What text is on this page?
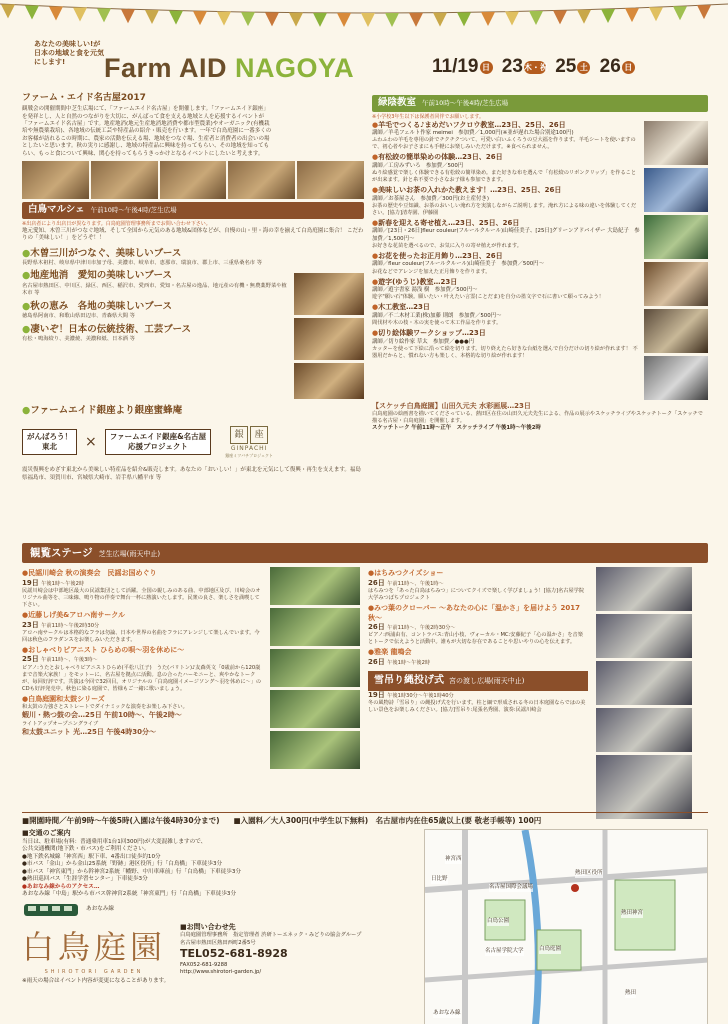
あなたの美味しい!が日本の地域と食を元気にします!	Farm AID NAGOYA	11/19 日 23木・祝 25 土 26 日
ファーム・エイド名古屋2017
観戦会の開催期間中芝生広場にて、「ファームエイド名古屋」を開催します。「ファームエイド銀座」を発祥とし、人と自然のつながりを大切に、がんばって食を支える地域と人を応援するイベントが「ファームエイド名古屋」です。地産地消(地元生産地消地消費や都市型農業)やオーガニック(有機栽培や無農薬栽培)、各地域の伝統工芸や特産品の紹介・販売を行います。一年で白鳥庭園に一番多くのお客様が訪れるこの時期に、農家の活動を伝える場、地域をつなぐ場、生産者と消費者の出会いの場としたいと思います。秋の実りに感謝し、地域の特産品に興味を持ってもらい、その地域を知ってもらい、もっと食について興味、関心を持ってもらうきっかけとなるイベントにしたいと考えます。
白鳥マルシェ 午前10時〜午後4時/芝生広場
※出店者により出店日が異なります。白鳥庭園管理事務所までお問い合わせ下さい。
地元愛知、木曽三川がつなぐ地域、そして全国から元気のある地域&団体などが、自慢の山・里・海の幸を揃えて白鳥庭園に集合！ こだわりの「美味しい！」をどうぞ！！
●木曽三川がつなぐ、美味しいブース
長野県木祖村、岐阜県中津川市加子母、美濃市、岐阜市、恵那市、瑞浪市、郡上市、三重県桑名市 等
●地産地消　愛知の美味しいブース
名古屋市熱田区、中川区、緑区、西区、稲沢市、愛西市、愛知・名古屋の逸品、地元産の有機・無農薬野菜や植木市 等
●秋の恵み　各地の美味しいブース
徳島県阿南市、和歌山県田辺市、青森県大間 等
●凄いぞ！日本の伝統技術、工芸ブース
有松・鳴海絞り、美濃焼、美濃和紙、日本酒 等
●ファームエイド銀座より銀座蜜蜂庵
がんばろう！
東北	× ファームエイド銀座&名古屋
応援プロジェクト
銀	座
GINPACHI
銀座ミツバチプロジェクト
震災復興をめざす東北から美味しい特産品を紹介&販売します。あなたの「おいしい！」が東北を元気にして復興・再生を支えます。福島県福島市、須賀川市、宮城県大崎市、岩手県八幡平市 等
緑陰教室 午前10時〜午後4時/芝生広場
※小学校3年生以下は保護者同伴でお願いします。
●羊毛でつくる♪まめだいフクロウ教室…23日、25日、26日
講師／羊毛フェルト作家 meimei　参加費／1,000円(※並が遅れた場合別途100円)
ふわふわの羊毛を専用の針でチクチクついて、可愛い白いふくろうの豆大福を作ります。羊毛シートを使いますので、初心者やお子さまにも手軽にお楽しみいただけます。※食べられません。
●有松絞の簡単染めの体験…23日、26日
講師／工房みずいろ　参加費／500円
ぬり絵感覚で楽しく体験できる有松絞の簡単染め。また好きな布を選んで「有松絞のリボンクリップ」を作ることが出来ます。針と糸不要で小さなお子様も参加できます。
●美味しいお茶の入れかた教えます！…23日、25日、26日
講師／お茶屋さん　参加費／300円(お土産付き)
お茶の歴史や豆知識、お茶のおいしい淹れ方を実演しながらご説明します。淹れ方による味の違いを体験してください。[協力]清寿園、伊藤園
●新春を迎える寄せ植え…23日、25日、26日
講師／[23日・26日]fleur couleur(フルールクルール)山崎佳美子、[25日]グリーンアドバイザー 大島紀子　参加費／1,500円〜
お好きな花苗を選べるので、お気に入りの寄せ植えが作れます。
●お花を使ったお正月飾り…23日、26日
講師／fleur couleur(フルールクルール)山崎佳美子　参加費／500円〜
お花などでアレンジを加えた正月飾りを作ります。
●遊字(ゆうじ)教室…23日
講師／遊字書家 湯浅 樹　参加費／500円〜
遊字"願い石"体験。願いたい・叶えたい言霊(ことだま)を自分の墨文字で石に書いて願ってみよう！
●木工教室…23日
講師／不二木材工業(株)加藤 則朗　参加費／500円〜
間伐材や木の枝・木の実を使って木工作品を作ります。
●切り絵体験ワークショップ…23日
講師／切り絵作家 草太　参加費／●●●円
カッターを使って下絵に沿って絵を切ります。切り終えたら好きな台紙を選んで自分だけの切り絵が作れます！ 不器用だからと、慣れない方も楽しく、本格的な切り絵が作れます！
【スケッチ白鳥庭園】山田久元夫 水彩画展…23日
白鳥庭園の絵画書を描いてくださっている、熱田区在住の山田久元夫先生による、作品の展示やスケッチライブやスケッチトーク「スケッチで描る名古屋・白鳥庭園」を開催します。
スケッチトーク 午前11時〜正午　スケッチライブ 午後1時〜午後2時
観覧ステージ 芝生広場(雨天中止)
●民謡川崎会 秋の演奏会　民謡お国めぐり
19日 午後1時〜午後2時
民謡川崎会は中部地区最大の民謡集団として活躍。全国の親しみのある曲、中部地区及び、川崎会のオリジナル曲等を、三味線、鳴り物の伴奏で舞台一杯に熱演いたします。民衆の良さ、楽しさを満喫して下さい。
●近藤しげ美&アロハ南サークル
23日 午前11時〜午後2時30分
アロハ南サークルは本格的なフラは勿論、日本や世界の名曲をフラにアレンジして楽しんでいます。今回は秋色のフラダンスをお楽しみいただきます。
●おしゃべりピアニスト ひらめの唄〜羽を休めに〜
25日 午前11時〜、午後3時〜
ピアノ:うたとおしゃべりピアニストひらめ(平松八江子)　うた(バリトン)♪友森英文「0歳前から120歳まで音楽大家族！」をモットーに、名古屋を拠点に活動。息の合ったハーモニーと、爽やかなトークが、毎回好評です。共演は今回で32回目。オリジナルの「白鳥庭園イメージソング〜羽を休めに〜」のCDも好評発売中。秋色に染る庭園で、皆様もご一緒に歌いましょう。
●白鳥庭園和太鼓シリーズ
和太鼓の力強さとストレートでダイナミックな演奏をお楽しみ下さい。
蝦川・熱つ鼓の会…25日 午前10時〜、午後2時〜
ライトアップオープニングライブ
和太鼓ユニット 光…25日 午後4時30分〜
●はちみつクイズショー
26日 午前11時〜、午後1時〜
はちみつを「あった白鳥はちみつ」についてクイズで楽しく学びましょう！[協力]名古屋学院大学みつばちプロジェクト
●みつ葉のクローバー 〜あなたの心に「温かさ」を届けよう 2017秋〜
26日 午前11時〜、午後2時30分〜
ピアノ:西浦由有、コントラバス:青山小枝、ヴォーカル・MC:安藤紀子「心の温かさ」を音楽とトークで伝えようと活動中。誰もが大切な存在であることや思いやりの心を伝えます。
●雅楽 龍鳴会
26日 午後1時〜午後2時
雪吊り縄投げ式 宮の渡し広場(雨天中止)
19日 午後1時30分〜午後1時40分
冬の風物詩「雪吊り」の縄投げ式を行います。柱と綱で形成される冬の日本庭園ならではの美しい景色をお楽しみください。[協力]雪吊り:尾張名秀園、演奏:民謡川崎会
■開園時間／午前9時〜午後5時(入園は午後4時30分まで) ■入園料／大人300円(中学生以下無料)　名古屋市内在住65歳以上(要 敬老手帳等) 100円
■交通のご案内
当日は、駐車場(有料：普通乗用車1台1回300円)が大変混雑しますので、
公共交通機関(地下鉄・市バス)をご利用ください。
●地下鉄名城線「神宮西」駅下車、4番出口徒歩約10分
●市バス「金山」から金山25系統「野跡」港区役所」行「白鳥橋」下車徒歩3分
●市バス「神宮東門」から幹神宮2系統「幡野、中川車庫前」行「白鳥橋」下車徒歩3分
●熱田巡回バス「生涯学習センター」下車徒歩3分
●あおなみ線からのアクセス…
あおなみ線「中島」駅から市バス幹神宮2系統「神宮東門」行「白鳥橋」下車徒歩3分
あおなみ線
白鳥庭園
SHIROTORI GARDEN
■お問い合わせ先
白鳥庭園管理事務所　指定管理者 渋研トーエネック・みどりの協会グループ
名古屋市熱田区熱田西町2番5号
TEL052-681-8928
FAX052-681-9288
http://www.shirotori-garden.jp/
※雨天の場合はイベント内容が変更になることがあります。
名古屋国際会議場
白鳥庭園
白鳥公園
熱田神宮
熱田区役所
神宮西
あおなみ線
日比野
熱田
名古屋学院大学
